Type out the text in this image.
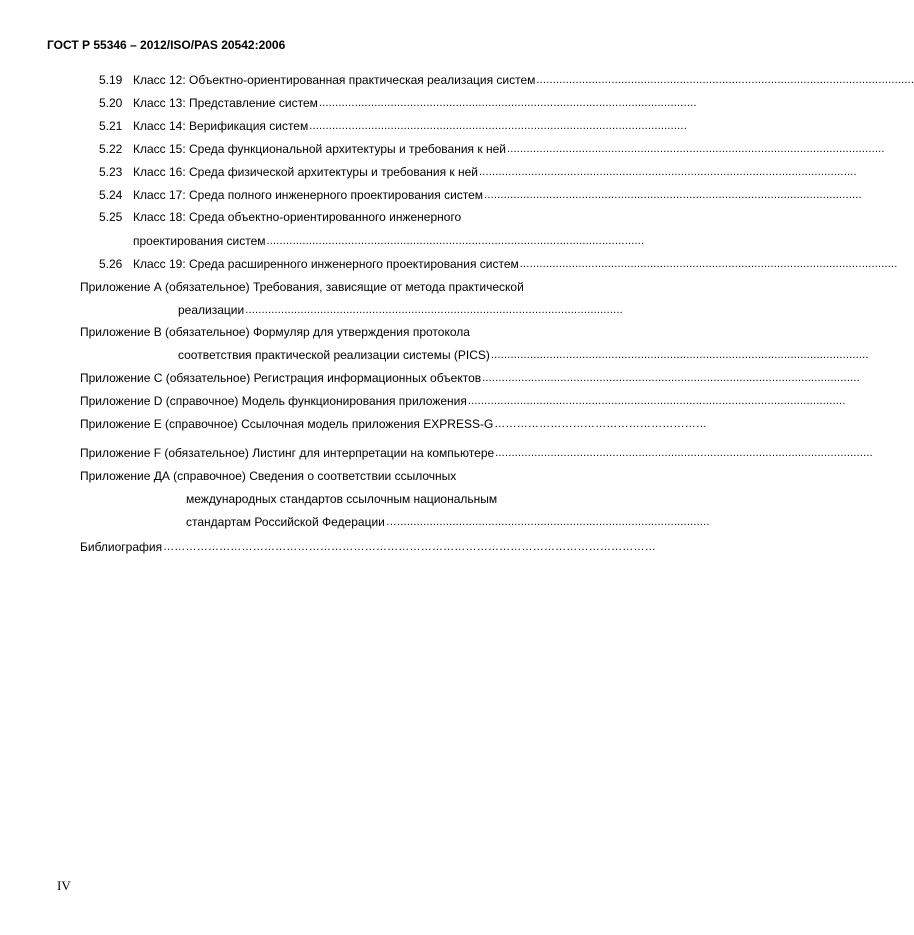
ГОСТ Р 55346 – 2012/ISO/PAS 20542:2006
5.19 Класс 12: Объектно-ориентированная практическая реализация систем ....................................................................................................................
5.20 Класс 13: Представление систем ....................................................................................................................
5.21 Класс 14: Верификация систем ....................................................................................................................
5.22 Класс 15: Среда функциональной архитектуры и требования к ней ....................................................................................................................
5.23 Класс 16: Среда физической архитектуры и требования к ней ....................................................................................................................
5.24 Класс 17: Среда полного инженерного проектирования систем ....................................................................................................................
5.25 Класс 18: Среда объектно-ориентированного инженерного
проектирования систем ....................................................................................................................
5.26 Класс 19: Среда расширенного инженерного проектирования систем ....................................................................................................................
Приложение А (обязательное) Требования, зависящие от метода практической
реализации ....................................................................................................................
Приложение В (обязательное) Формуляр для утверждения протокола
соответствия практической реализации системы (PICS) ....................................................................................................................
Приложение С (обязательное) Регистрация информационных объектов ....................................................................................................................
Приложение D (справочное) Модель функционирования приложения ....................................................................................................................
Приложение Е (справочное) Ссылочная модель приложения EXPRESS-G …………………………………………………
Приложение F (обязательное) Листинг для интерпретации на компьютере ....................................................................................................................
Приложение ДА (справочное) Сведения о соответствии ссылочных
международных стандартов ссылочным национальным
стандартам Российской Федерации …................................................................................................
Библиография ……………………………………………………………………………………………………………………
IV
